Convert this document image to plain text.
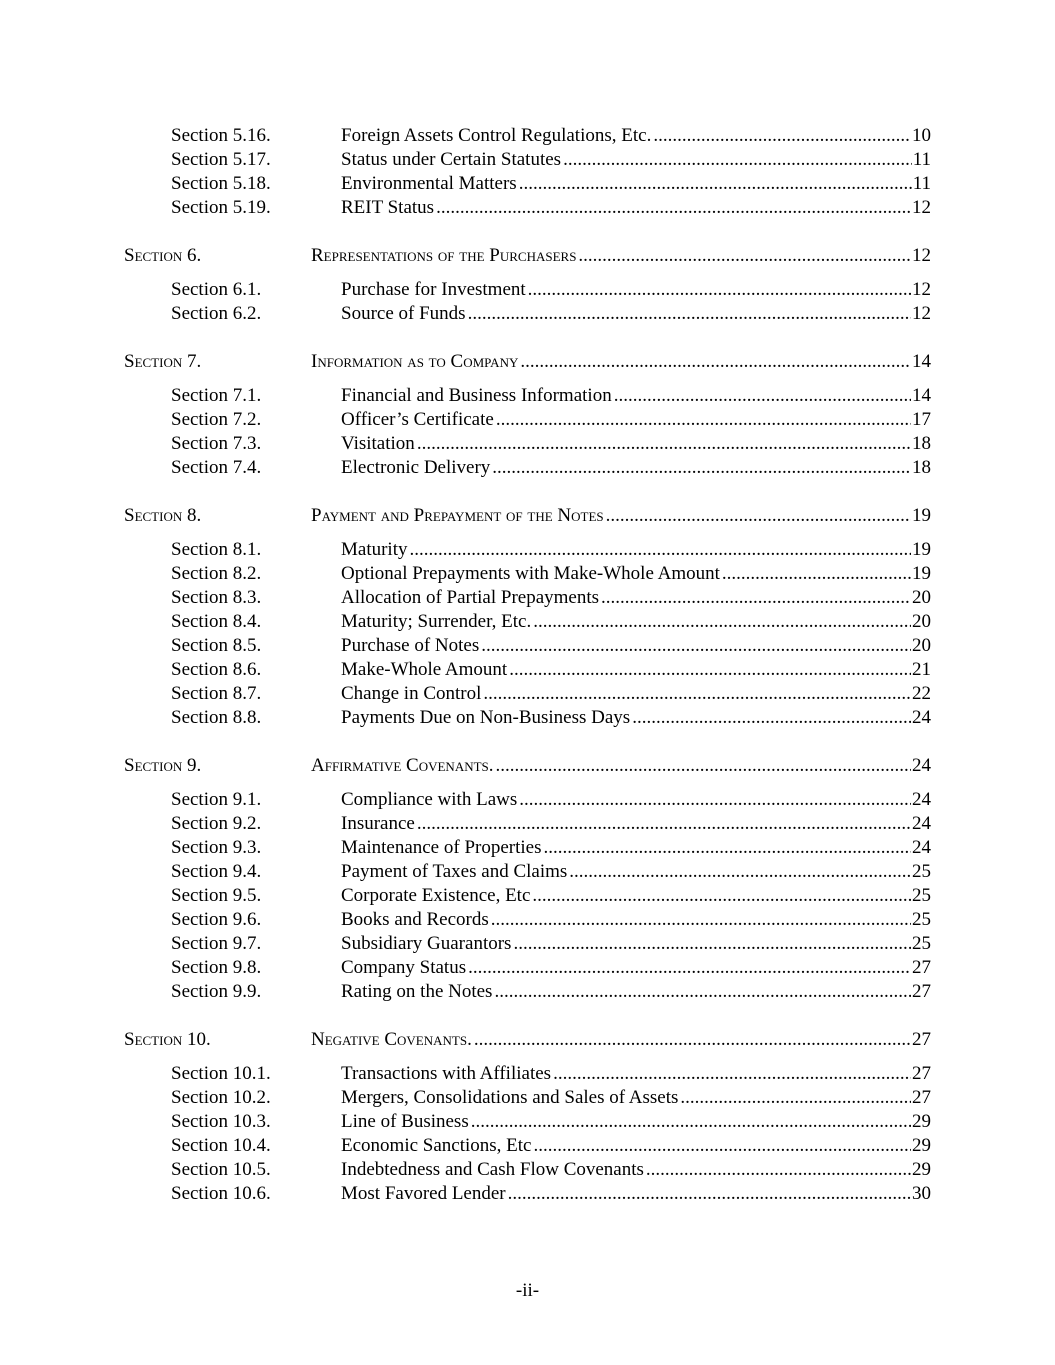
Section 5.16.	Foreign Assets Control Regulations, Etc. .....	10
Section 5.17.	Status under Certain Statutes .....	11
Section 5.18.	Environmental Matters .....	11
Section 5.19.	REIT Status .....	12
Section 6.	Representations of the Purchasers .....	12
Section 6.1.	Purchase for Investment .....	12
Section 6.2.	Source of Funds .....	12
Section 7.	Information as to Company .....	14
Section 7.1.	Financial and Business Information .....	14
Section 7.2.	Officer’s Certificate .....	17
Section 7.3.	Visitation .....	18
Section 7.4.	Electronic Delivery .....	18
Section 8.	Payment and Prepayment of the Notes .....	19
Section 8.1.	Maturity .....	19
Section 8.2.	Optional Prepayments with Make-Whole Amount .....	19
Section 8.3.	Allocation of Partial Prepayments .....	20
Section 8.4.	Maturity; Surrender, Etc. .....	20
Section 8.5.	Purchase of Notes .....	20
Section 8.6.	Make-Whole Amount .....	21
Section 8.7.	Change in Control .....	22
Section 8.8.	Payments Due on Non-Business Days .....	24
Section 9.	Affirmative Covenants. .....	24
Section 9.1.	Compliance with Laws .....	24
Section 9.2.	Insurance .....	24
Section 9.3.	Maintenance of Properties .....	24
Section 9.4.	Payment of Taxes and Claims .....	25
Section 9.5.	Corporate Existence, Etc .....	25
Section 9.6.	Books and Records .....	25
Section 9.7.	Subsidiary Guarantors .....	25
Section 9.8.	Company Status .....	27
Section 9.9.	Rating on the Notes .....	27
Section 10.	Negative Covenants. .....	27
Section 10.1.	Transactions with Affiliates .....	27
Section 10.2.	Mergers, Consolidations and Sales of Assets .....	27
Section 10.3.	Line of Business .....	29
Section 10.4.	Economic Sanctions, Etc .....	29
Section 10.5.	Indebtedness and Cash Flow Covenants .....	29
Section 10.6.	Most Favored Lender .....	30
-ii-
